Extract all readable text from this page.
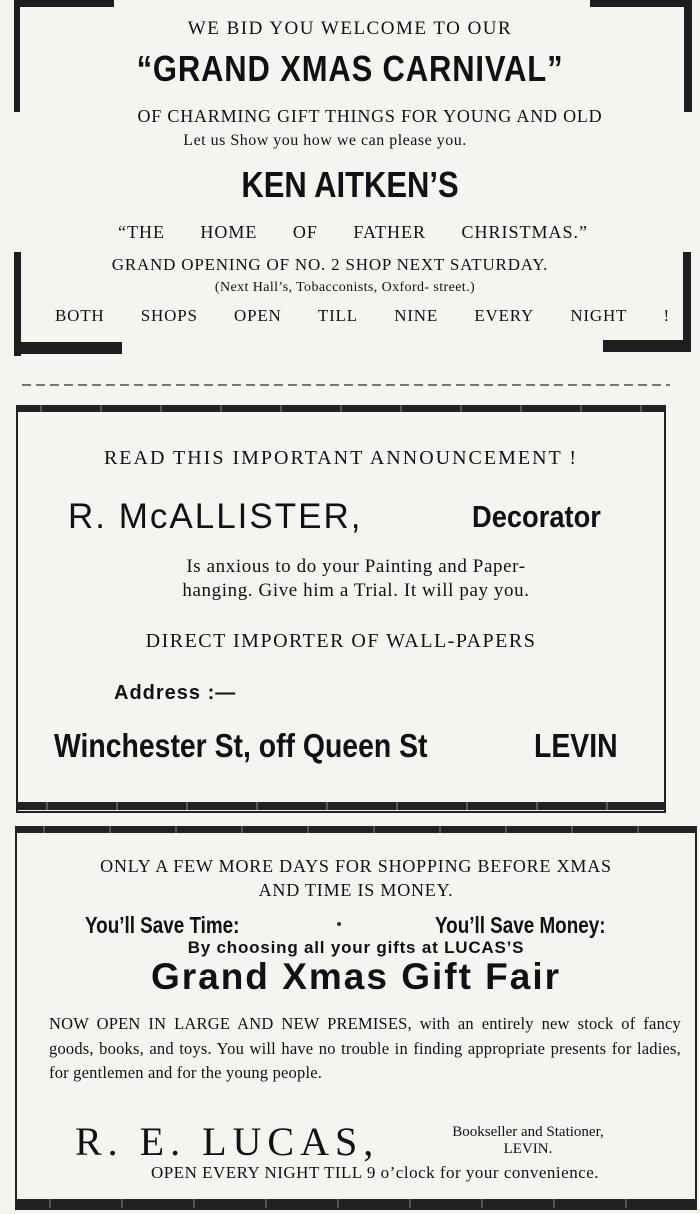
WE BID YOU WELCOME TO OUR
“GRAND XMAS CARNIVAL”
OF CHARMING GIFT THINGS FOR YOUNG AND OLD
Let us Show you how we can please you.
KEN AITKEN’S
“THE HOME OF FATHER CHRISTMAS.”
GRAND OPENING OF NO. 2 SHOP NEXT SATURDAY.
(Next Hall’s, Tobacconists, Oxford- street.)
BOTH SHOPS OPEN TILL NINE EVERY NIGHT !
READ THIS IMPORTANT ANNOUNCEMENT !
R. McALLISTER,	Decorator
Is anxious to do your Painting and Paper-
hanging. Give him a Trial. It will pay you.
DIRECT IMPORTER OF WALL-PAPERS
Address :—
Winchester St, off Queen St	LEVIN
ONLY A FEW MORE DAYS FOR SHOPPING BEFORE XMAS
AND TIME IS MONEY.
You’ll Save Time:	You’ll Save Money:
By choosing all your gifts at LUCAS’S
Grand Xmas Gift Fair
NOW OPEN IN LARGE AND NEW PREMISES, with an entirely new stock of fancy goods, books, and toys. You will have no trouble in finding appropriate presents for ladies, for gentlemen and for the young people.
R. E. LUCAS,	Bookseller and Stationer,
LEVIN.
OPEN EVERY NIGHT TILL 9 o’clock for your convenience.
